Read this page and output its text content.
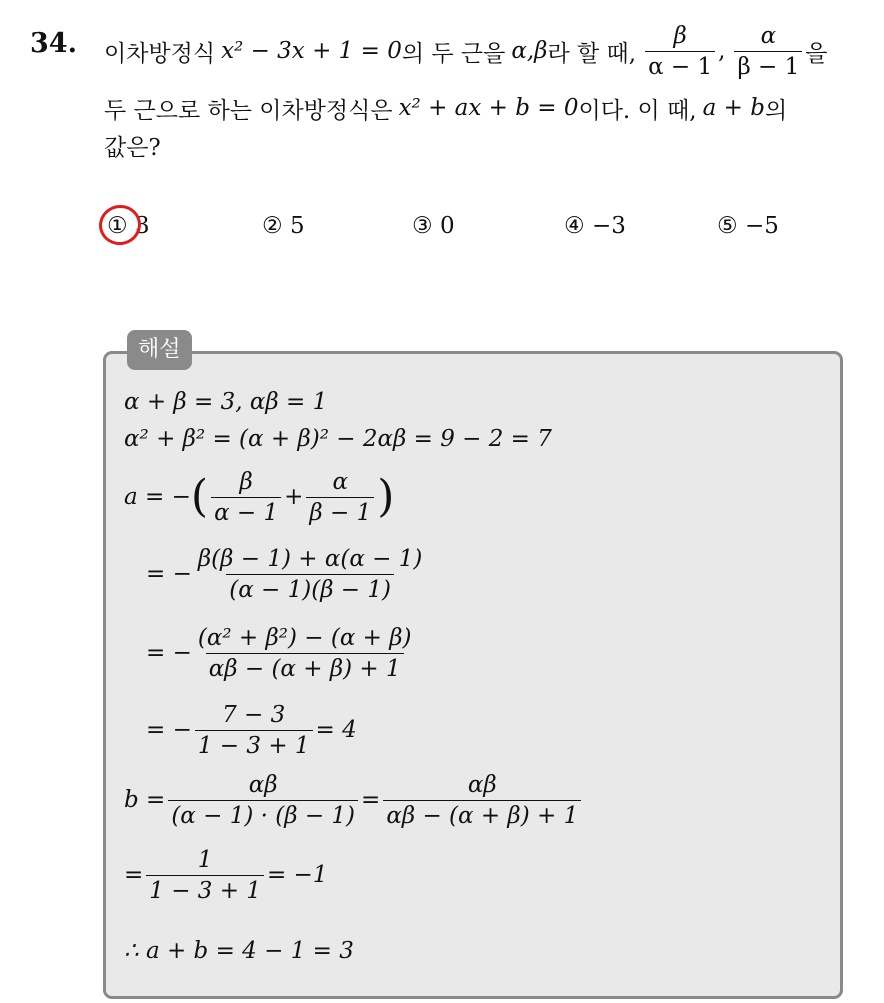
34. 이차방정식 x² − 3x + 1 = 0 의 두 근을 α,β 라 할 때, $\frac{\beta}{\alpha - 1}$ , $\frac{\alpha}{\beta - 1}$ 을
두 근으로 하는 이차방정식은 x² + ax + b = 0 이다. 이 때, a + b 의
값은?
① 3	② 5	③ 0	④ −3	⑤ −5
해설
α + β = 3, αβ = 1
α² + β² = (α + β)² − 2αβ = 9 − 2 = 7
a = − ( $\frac{\beta}{\alpha - 1} + \frac{\alpha}{\beta - 1}$ )
= − $\frac{\beta(\beta - 1) + \alpha(\alpha - 1)}{(\alpha - 1)(\beta - 1)}$
= − $\frac{\text{(α² + β²) − (α + β)}}{\alpha\beta - (\alpha + \beta) + 1}$
= − $\frac{7 - 3}{1 - 3 + 1} = 4$
$b = \frac{\alpha\beta}{(\alpha - 1) \cdot (\beta - 1)} = \frac{\alpha\beta}{\alpha\beta - (\alpha + \beta) + 1}$
= $\frac{1}{1 - 3 + 1} = -1$
∴ a + b = 4 − 1 = 3
